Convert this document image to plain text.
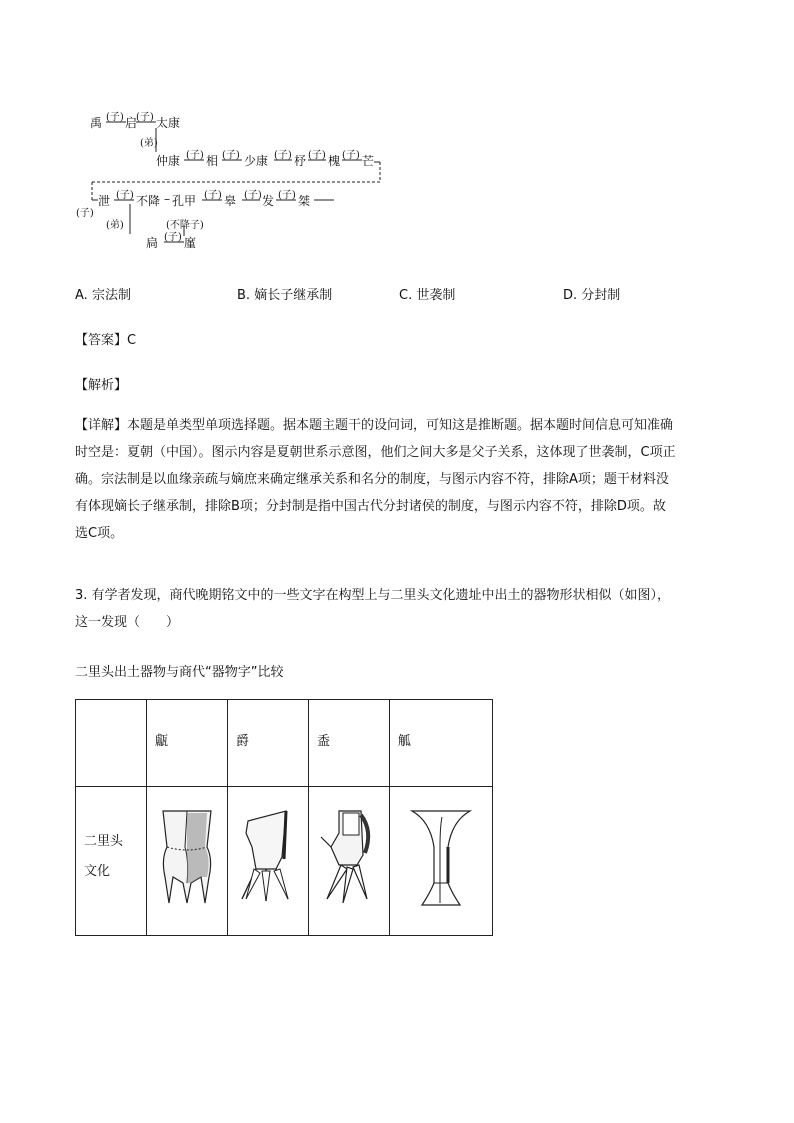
禹 (子) 启
(子) 太康
(弟)
仲康 (子) 相 (子) 少康 (子) 杼 (子) 槐 (子) 芒
(子)
泄 (子) 不降 – 孔甲 (子) 皋 (子) 发 (子) 桀
(弟)	(不降子)
扃 (子) 廑
A. 宗法制	B. 嫡长子继承制	C. 世袭制	D. 分封制
【答案】C
【解析】
【详解】本题是单类型单项选择题。据本题主题干的设问词，可知这是推断题。据本题时间信息可知准确
时空是：夏朝（中国）。图示内容是夏朝世系示意图，他们之间大多是父子关系，这体现了世袭制，C项正
确。宗法制是以血缘亲疏与嫡庶来确定继承关系和名分的制度，与图示内容不符，排除A项；题干材料没
有体现嫡长子继承制，排除B项；分封制是指中国古代分封诸侯的制度，与图示内容不符，排除D项。故
选C项。
3. 有学者发现，商代晚期铭文中的一些文字在构型上与二里头文化遗址中出土的器物形状相似（如图），
这一发现（　　）
二里头出土器物与商代“器物字”比较

	甗	爵	盉	觚

二里头
文化
